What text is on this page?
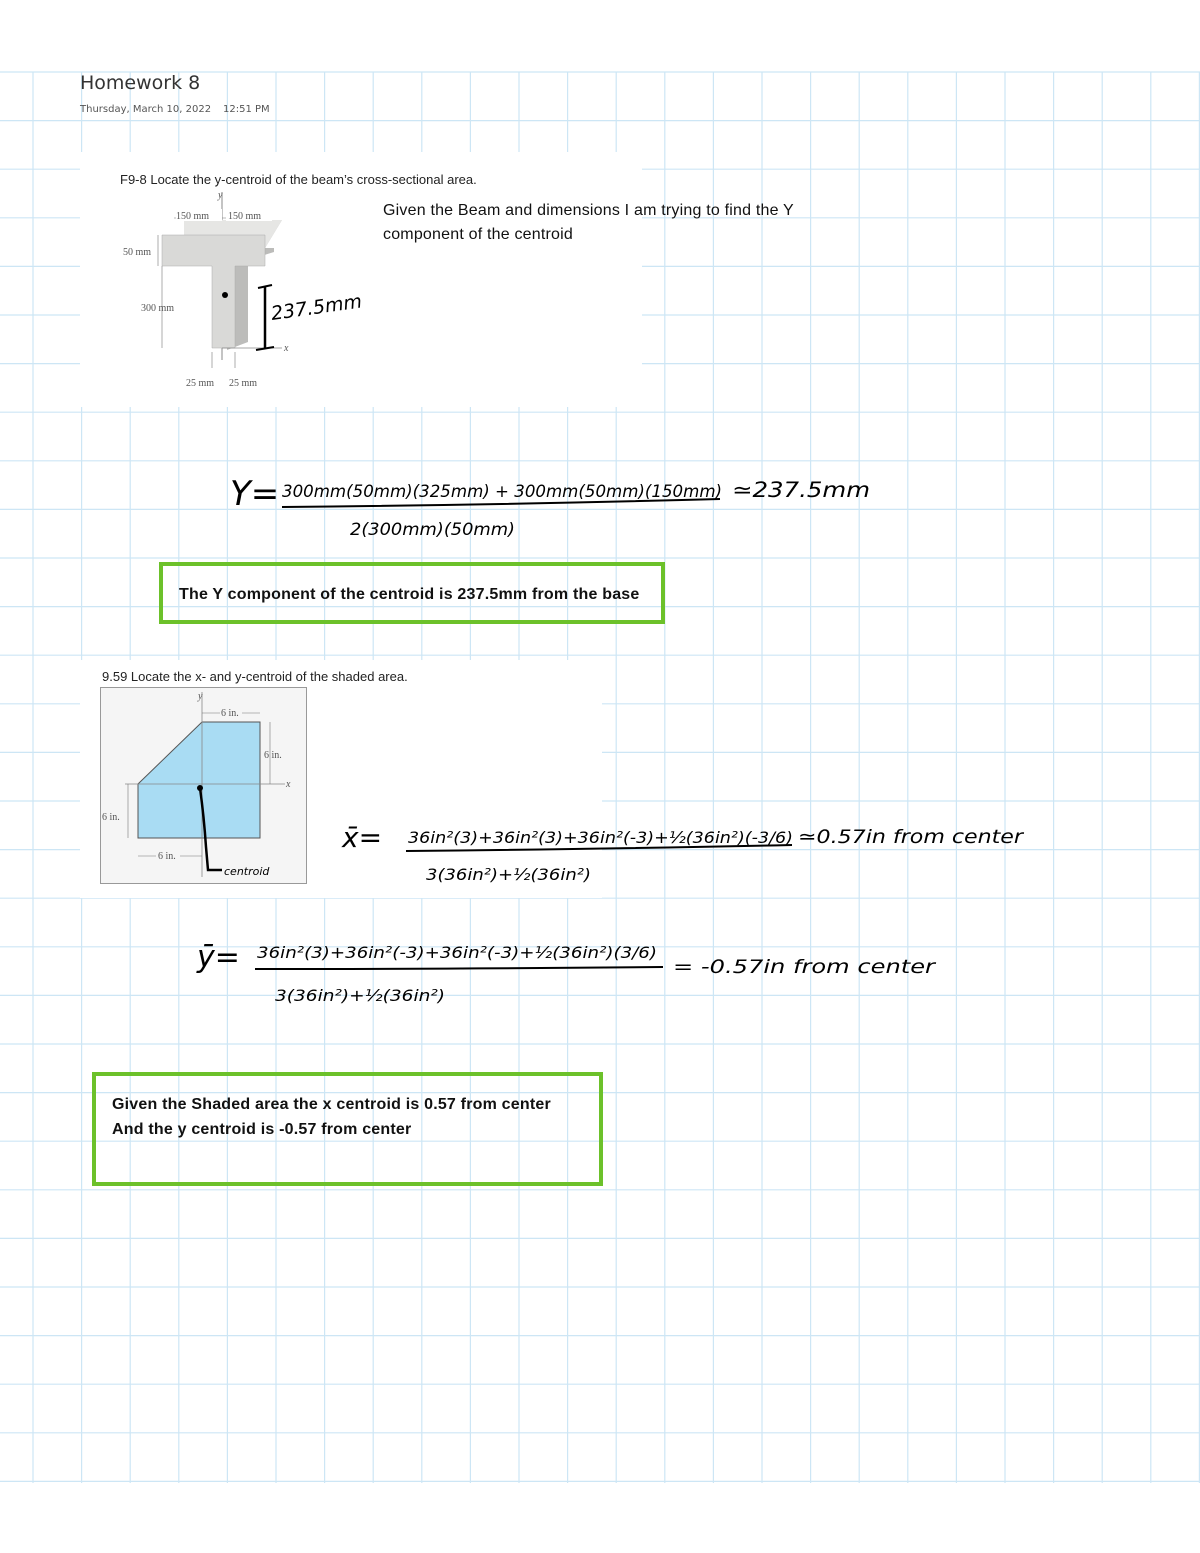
Homework 8
Thursday, March 10, 2022 12:51 PM
F9-8 Locate the y-centroid of the beam’s cross-sectional area.
y
150 mm 150 mm
50 mm
300 mm
x
25 mm 25 mm
237.5mm
Given the Beam and dimensions I am trying to find the Y
component of the centroid
Y= 300mm(50mm)(325mm) + 300mm(50mm)(150mm)
2(300mm)(50mm)
≃237.5mm
The Y component of the centroid is 237.5mm from the base
9.59 Locate the x- and y-centroid of the shaded area.
y
x
6 in.
6 in.
6 in.
6 in.
centroid
x̄= 36in²(3)+36in²(3)+36in²(-3)+½(36in²)(-3/6)
3(36in²)+½(36in²)
≃0.57in from center
ȳ= 36in²(3)+36in²(-3)+36in²(-3)+½(36in²)(3/6)
3(36in²)+½(36in²)
= -0.57in from center
Given the Shaded area the x centroid is 0.57 from center
And the y centroid is -0.57 from center
